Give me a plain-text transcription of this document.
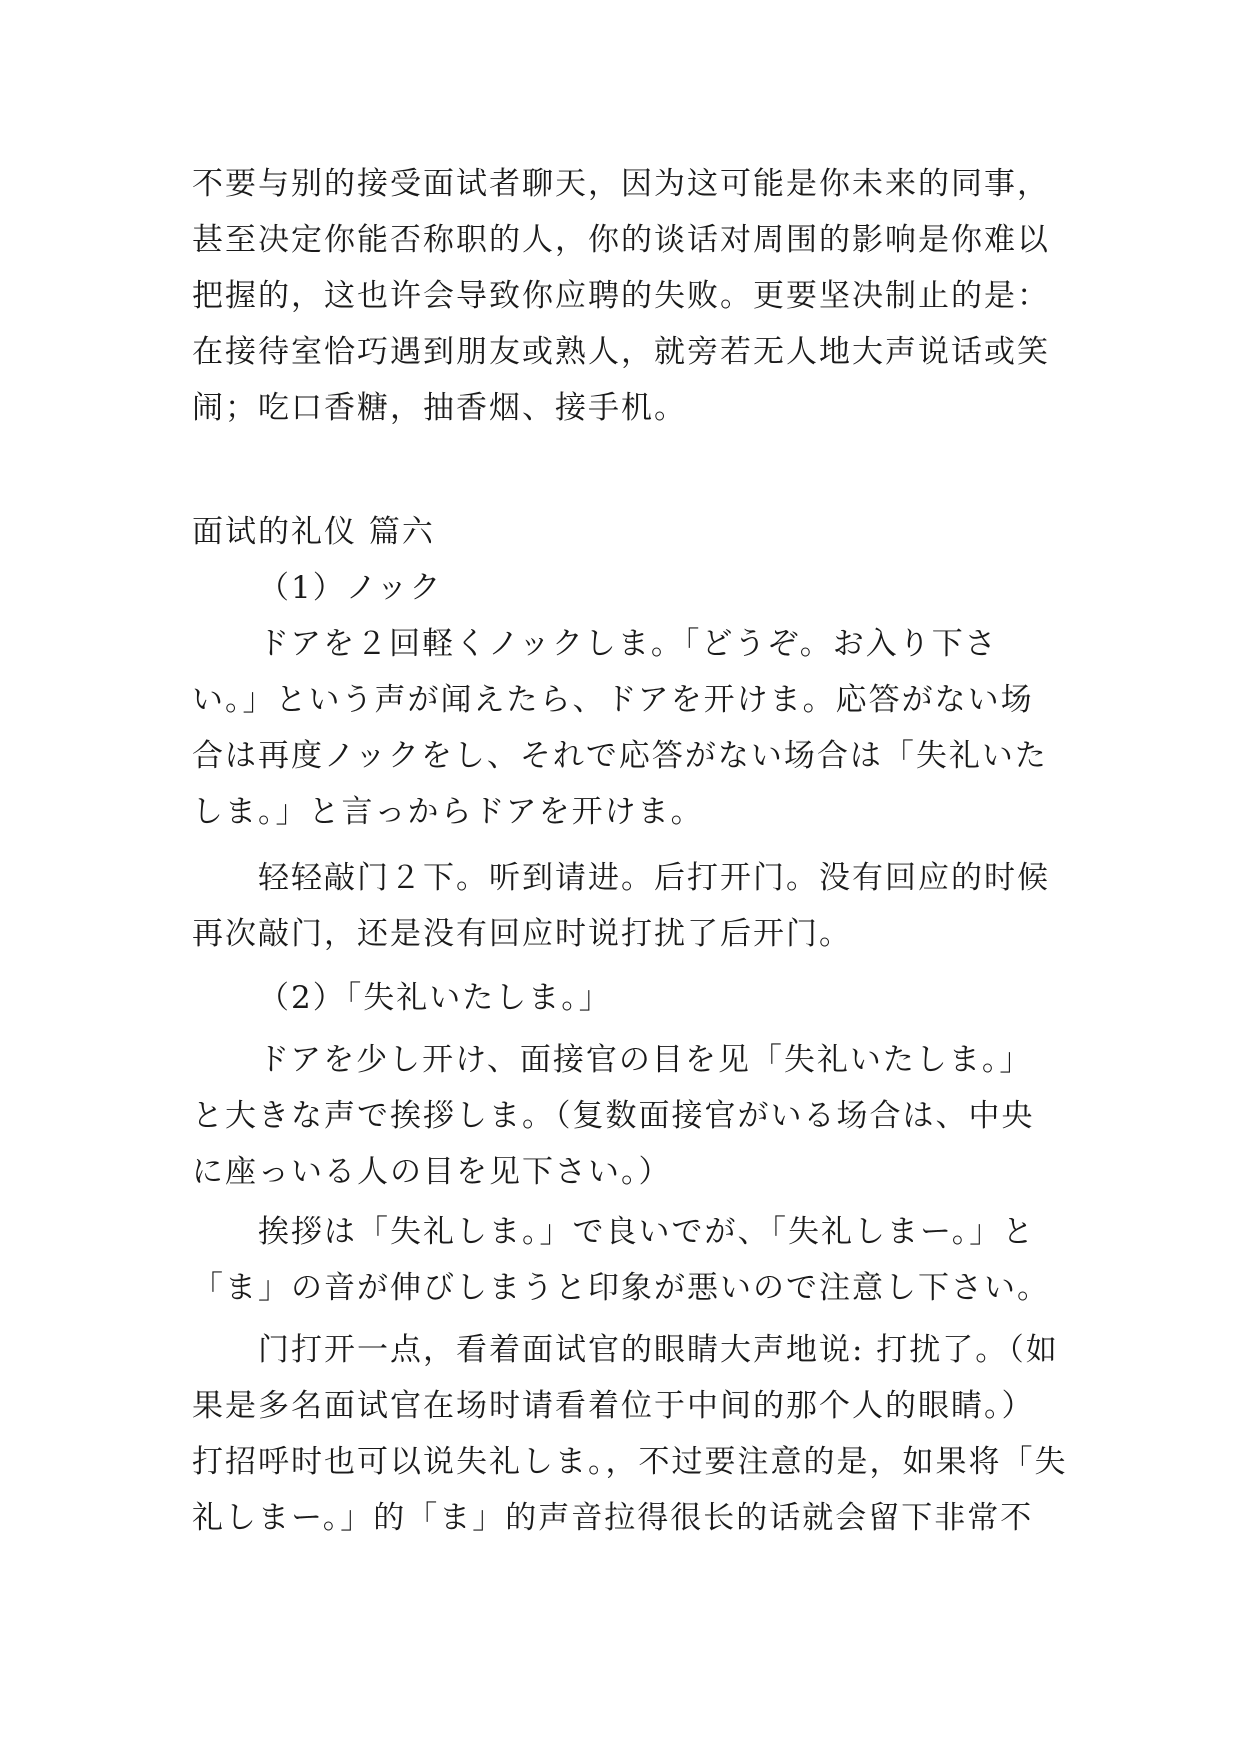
不要与别的接受面试者聊天，因为这可能是你未来的同事，
甚至决定你能否称职的人，你的谈话对周围的影响是你难以
把握的，这也许会导致你应聘的失败。更要坚决制止的是：
在接待室恰巧遇到朋友或熟人，就旁若无人地大声说话或笑
闹；吃口香糖，抽香烟、接手机。
面试的礼仪 篇六
（1）ノック
ドアを２回軽くノックしま。「どうぞ。お入り下さ
い。」という声が闻えたら、ドアを开けま。応答がない场
合は再度ノックをし、それで応答がない场合は「失礼いた
しま。」と言っからドアを开けま。
轻轻敲门２下。听到请进。后打开门。没有回应的时候
再次敲门，还是没有回应时说打扰了后开门。
（2）「失礼いたしま。」
ドアを少し开け、面接官の目を见「失礼いたしま。」
と大きな声で挨拶しま。（复数面接官がいる场合は、中央
に座っいる人の目を见下さい。）
挨拶は「失礼しま。」で良いでが、「失礼しまー。」と
「ま」の音が伸びしまうと印象が悪いので注意し下さい。
门打开一点，看着面试官的眼睛大声地说: 打扰了。（如
果是多名面试官在场时请看着位于中间的那个人的眼睛。）
打招呼时也可以说失礼しま。，不过要注意的是，如果将「失
礼しまー。」的「ま」的声音拉得很长的话就会留下非常不
